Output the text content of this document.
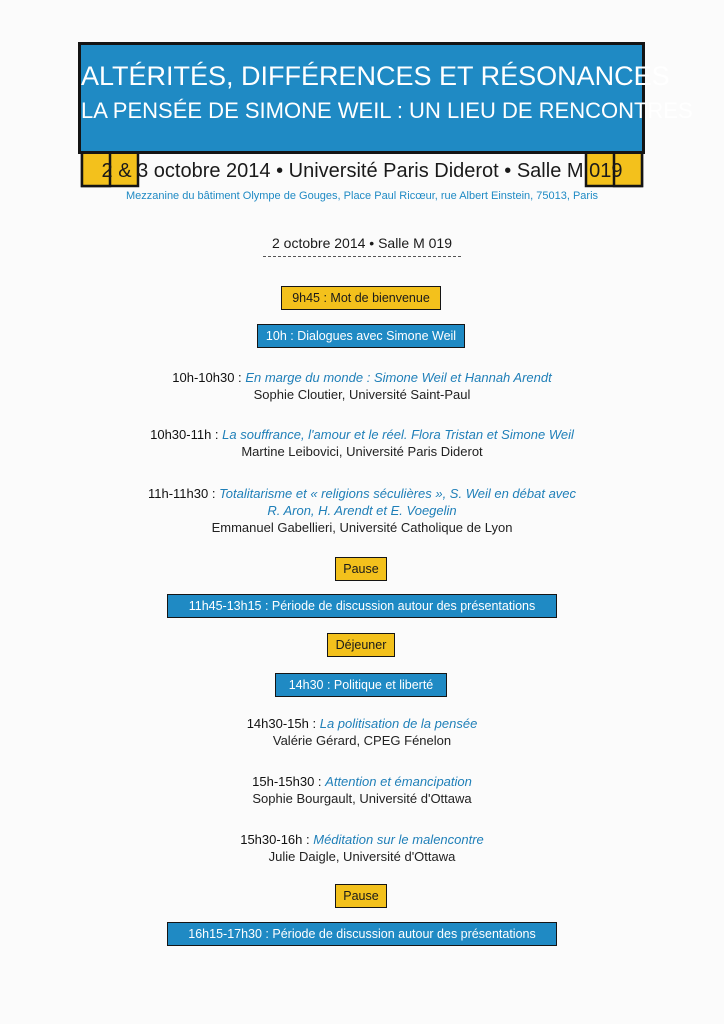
ALTÉRITÉS, DIFFÉRENCES ET RÉSONANCES
LA PENSÉE DE SIMONE WEIL : UN LIEU DE RENCONTRES
2 & 3 octobre 2014 • Université Paris Diderot • Salle M 019
Mezzanine du bâtiment Olympe de Gouges, Place Paul Ricœur, rue Albert Einstein, 75013, Paris
2 octobre 2014 • Salle M 019
9h45 : Mot de bienvenue
10h : Dialogues avec Simone Weil
10h-10h30 : En marge du monde : Simone Weil et Hannah Arendt
Sophie Cloutier, Université Saint-Paul
10h30-11h : La souffrance, l'amour et le réel. Flora Tristan et Simone Weil
Martine Leibovici, Université Paris Diderot
11h-11h30 : Totalitarisme et « religions séculières », S. Weil en débat avec
R. Aron, H. Arendt et E. Voegelin
Emmanuel Gabellieri, Université Catholique de Lyon
Pause
11h45-13h15 : Période de discussion autour des présentations
Déjeuner
14h30 : Politique et liberté
14h30-15h : La politisation de la pensée
Valérie Gérard, CPEG Fénelon
15h-15h30 : Attention et émancipation
Sophie Bourgault, Université d'Ottawa
15h30-16h : Méditation sur le malencontre
Julie Daigle, Université d'Ottawa
Pause
16h15-17h30 : Période de discussion autour des présentations
